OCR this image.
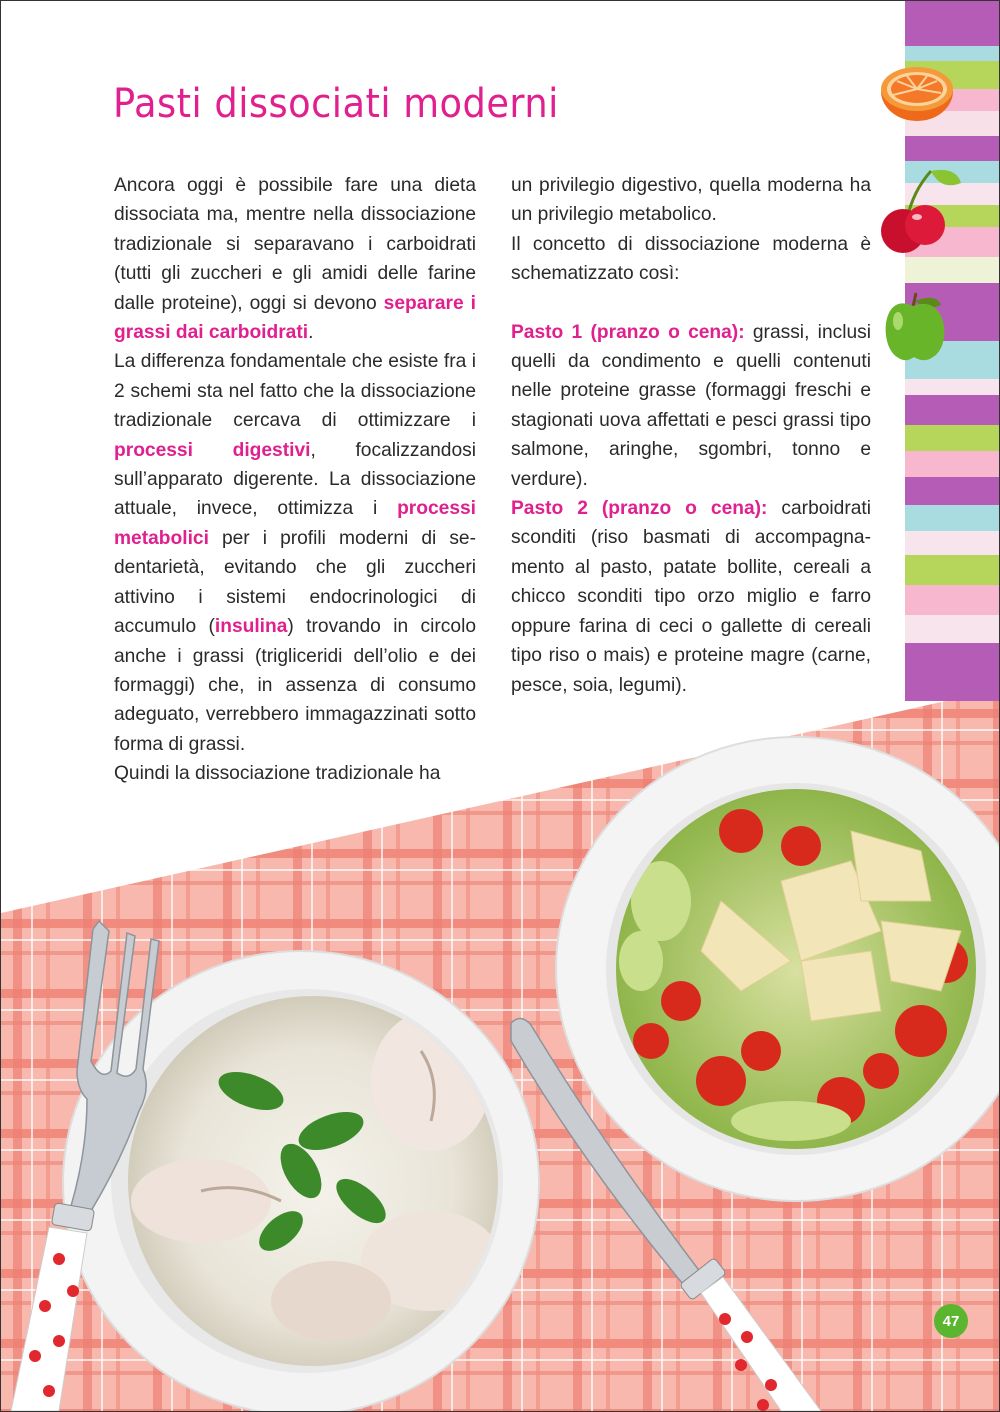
Pasti dissociati moderni

Ancora oggi è possibile fare una dieta dissociata ma, mentre nella dissociazione tradizionale si separavano i carboidrati (tutti gli zuccheri e gli amidi delle farine dalle proteine), oggi si devono separare i grassi dai carboidrati.

La differenza fondamentale che esiste fra i 2 schemi sta nel fatto che la dissociazione tradizionale cercava di ottimizzare i processi digestivi, focalizzandosi sull’apparato digerente. La dissociazione attuale, invece, ottimizza i processi metabolici per i profili moderni di sedentarietà, evitando che gli zuccheri attivino i sistemi endocrinologici di accumulo (insulina) trovando in circolo anche i grassi (trigliceridi dell’olio e dei formaggi) che, in assenza di consumo adeguato, verrebbero immagazzinati sotto forma di grassi.

Quindi la dissociazione tradizionale ha

un privilegio digestivo, quella moderna ha un privilegio metabolico.

Il concetto di dissociazione moderna è schematizzato così:

Pasto 1 (pranzo o cena): grassi, inclusi quelli da condimento e quelli contenuti nelle proteine grasse (formaggi freschi e stagionati uova affettati e pesci grassi tipo salmone, aringhe, sgombri, tonno e verdure).

Pasto 2 (pranzo o cena): carboidrati sconditi (riso basmati di accompagnamento al pasto, patate bollite, cereali a chicco sconditi tipo orzo miglio e farro oppure farina di ceci o gallette di cereali tipo riso o mais) e proteine magre (carne, pesce, soia, legumi).

47
